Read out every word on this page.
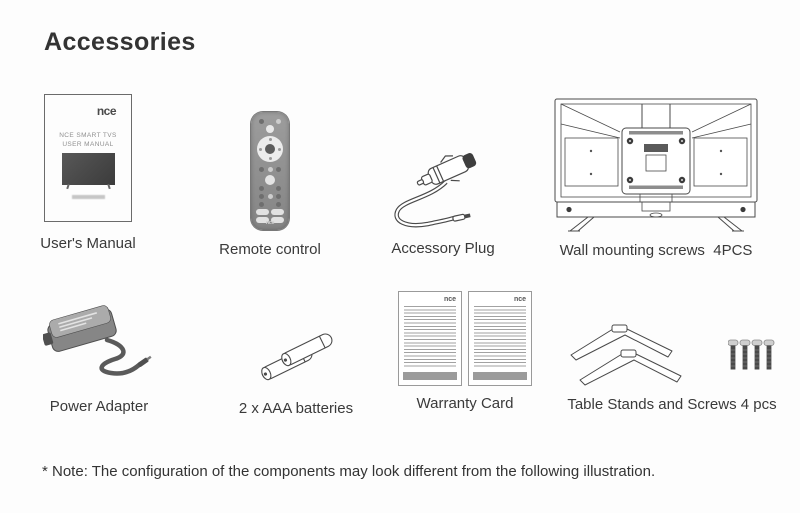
Accessories
nce
NCE SMART TVS
USER MANUAL
User's Manual
nce
Remote control	Accessory Plug	Wall mounting screws  4PCS
Power Adapter	2 x AAA batteries
nce	nce
Warranty Card	Table Stands and Screws 4 pcs
* Note: The configuration of the components may look different from the following illustration.
